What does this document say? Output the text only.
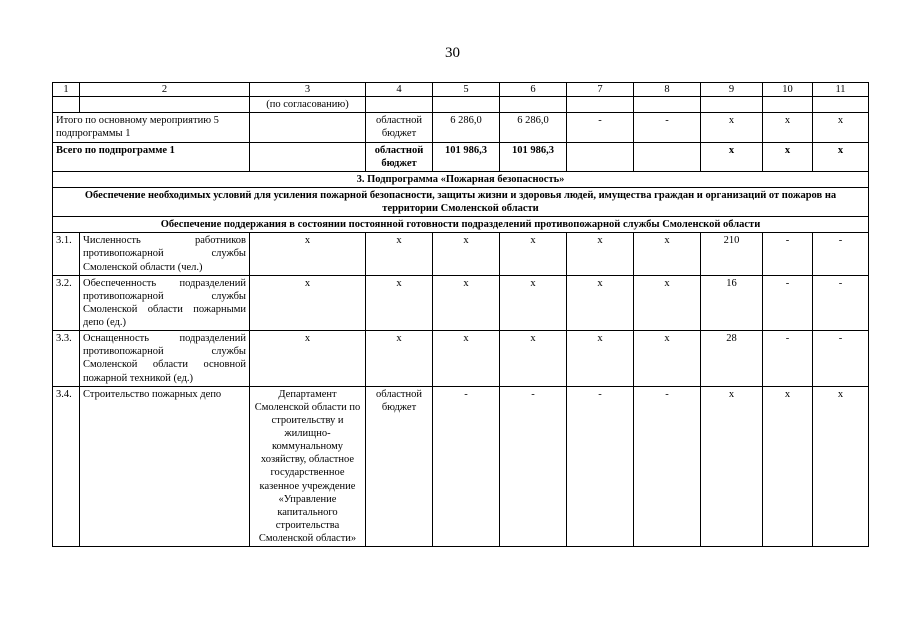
30
1	2	3	4	5	6	7	8	9	10	11
		(по согласованию)								
Итого по основному мероприятию 5 подпрограммы 1			областной бюджет	6 286,0	6 286,0	-	-	х	х	х
Всего по подпрограмме 1			областной бюджет	101 986,3	101 986,3			х	х	х
3. Подпрограмма «Пожарная безопасность»										
Обеспечение необходимых условий для усиления пожарной безопасности, защиты жизни и здоровья людей, имущества граждан и организаций от пожаров на территории Смоленской области										
Обеспечение поддержания в состоянии постоянной готовности подразделений противопожарной службы Смоленской области										
3.1.	Численность работников противопожарной службы Смоленской области (чел.)	х	х	х	х	х	х	210	-	-
3.2.	Обеспеченность подразделений противопожарной службы Смоленской области пожарными депо (ед.)	х	х	х	х	х	х	16	-	-
3.3.	Оснащенность подразделений противопожарной службы Смоленской области основной пожарной техникой (ед.)	х	х	х	х	х	х	28	-	-
3.4.	Строительство пожарных депо	Департамент Смоленской области по строительству и жилищно-коммунальному хозяйству, областное государственное казенное учреждение «Управление капитального строительства Смоленской области»	областной бюджет	-	-	-	-	х	х	х
